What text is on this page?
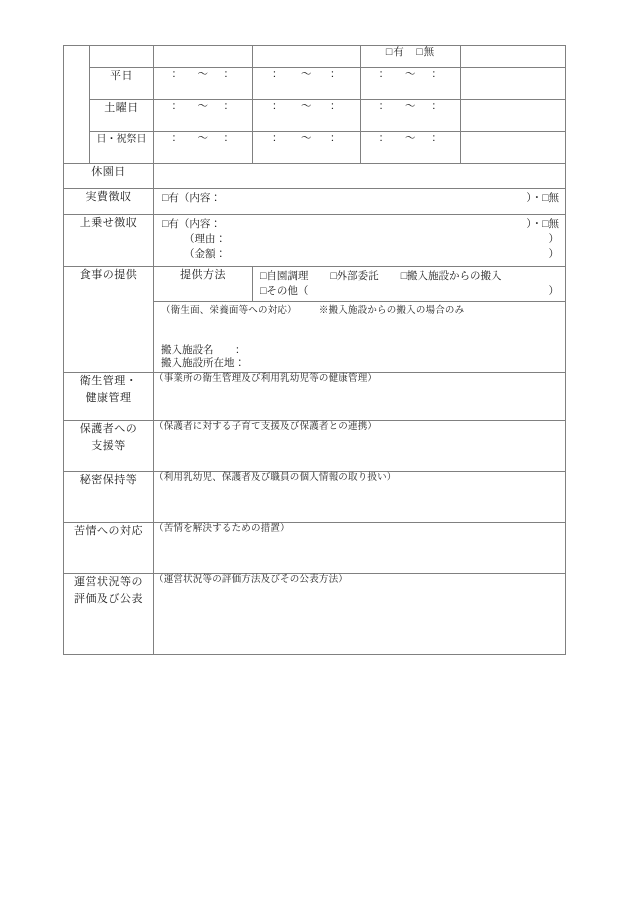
				□有　□無	
	平日	： ～ ：	： ～ ：	： ～ ：	

	土曜日	： ～ ：	： ～ ：	： ～ ：	

	日・祝祭日	： ～ ：	： ～ ：	： ～ ：	

休園日					
実費徴収		□有（内容： ）・□無			

上乗せ徴収	□有（内容：	）・□無
（理由：	）
（金額：	）

食事の提供		提供方法	□自園調理 □外部委託 □搬入施設からの搬入
□その他（ ）		

		（衛生面、栄養面等への対応） ※搬入施設からの搬入の場合のみ
搬入施設名 ：
搬入施設所在地：			

衛生管理・
健康管理		（事業所の衛生管理及び利用乳幼児等の健康管理）			

保護者への
支援等		（保護者に対する子育て支援及び保護者との連携）			

秘密保持等		（利用乳幼児、保護者及び職員の個人情報の取り扱い）			

苦情への対応		（苦情を解決するための措置）			

運営状況等の
評価及び公表		（運営状況等の評価方法及びその公表方法）			
